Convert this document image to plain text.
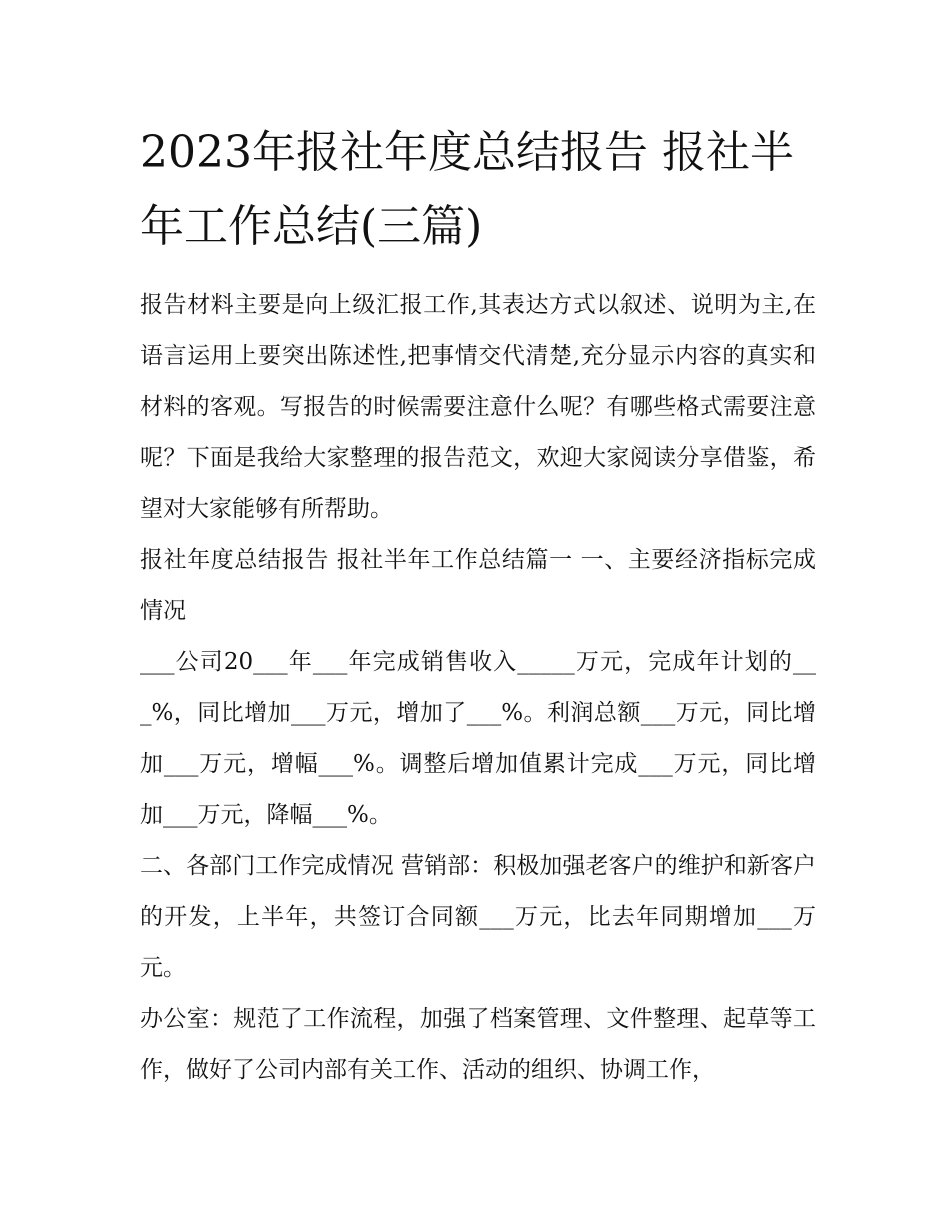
2023年报社年度总结报告 报社半年工作总结(三篇)

报告材料主要是向上级汇报工作,其表达方式以叙述、说明为主,在语言运用上要突出陈述性,把事情交代清楚,充分显示内容的真实和材料的客观。写报告的时候需要注意什么呢？有哪些格式需要注意呢？下面是我给大家整理的报告范文，欢迎大家阅读分享借鉴，希望对大家能够有所帮助。

报社年度总结报告 报社半年工作总结篇一 一、主要经济指标完成情况

___公司20___年___年完成销售收入_____万元，完成年计划的___%，同比增加___万元，增加了___%。利润总额___万元，同比增加___万元，增幅___%。调整后增加值累计完成___万元，同比增加___万元，降幅___%。

二、各部门工作完成情况 营销部：积极加强老客户的维护和新客户的开发，上半年，共签订合同额___万元，比去年同期增加___万元。

办公室：规范了工作流程，加强了档案管理、文件整理、起草等工作，做好了公司内部有关工作、活动的组织、协调工作，
